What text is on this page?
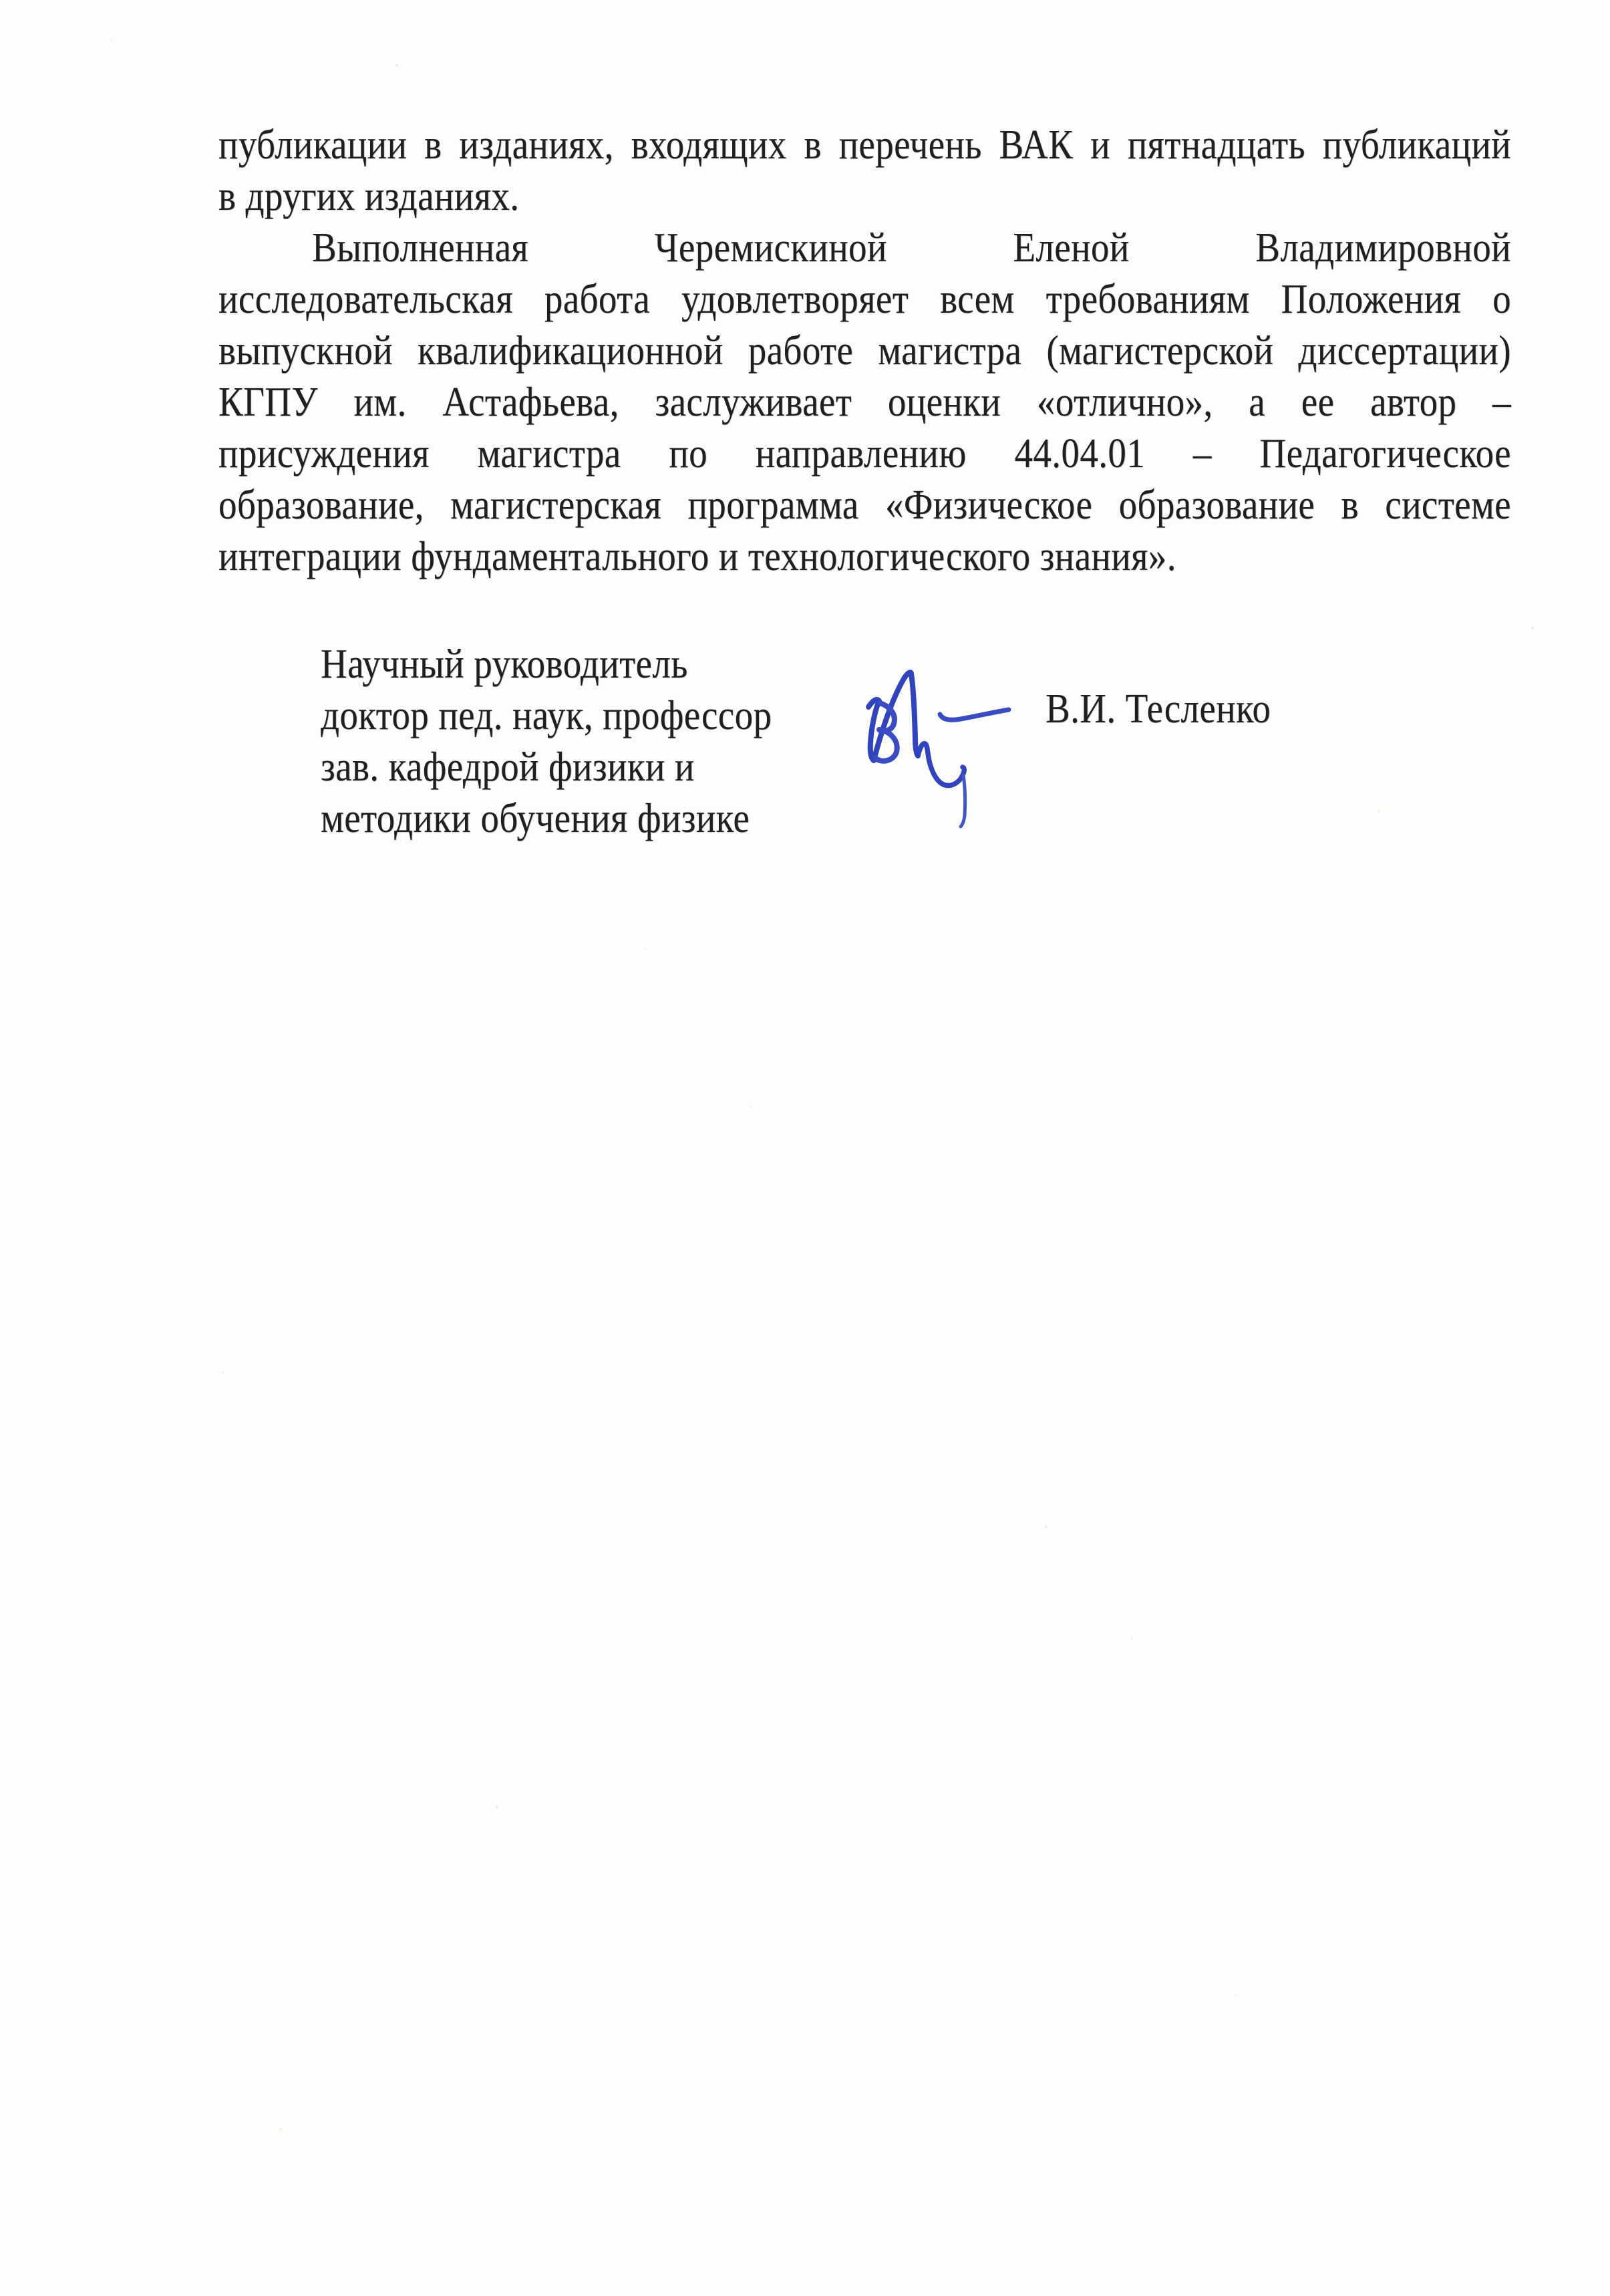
публикации в изданиях, входящих в перечень ВАК и пятнадцать публикаций
в других изданиях.
Выполненная Черемискиной Еленой Владимировной
исследовательская работа удовлетворяет всем требованиям Положения о
выпускной квалификационной работе магистра (магистерской диссертации)
КГПУ им. Астафьева, заслуживает оценки «отлично», а ее автор –
присуждения магистра по направлению 44.04.01 – Педагогическое
образование, магистерская программа «Физическое образование в системе
интеграции фундаментального и технологического знания».
Научный руководитель
доктор пед. наук, профессор
зав. кафедрой физики и
методики обучения физике
В.И. Тесленко
